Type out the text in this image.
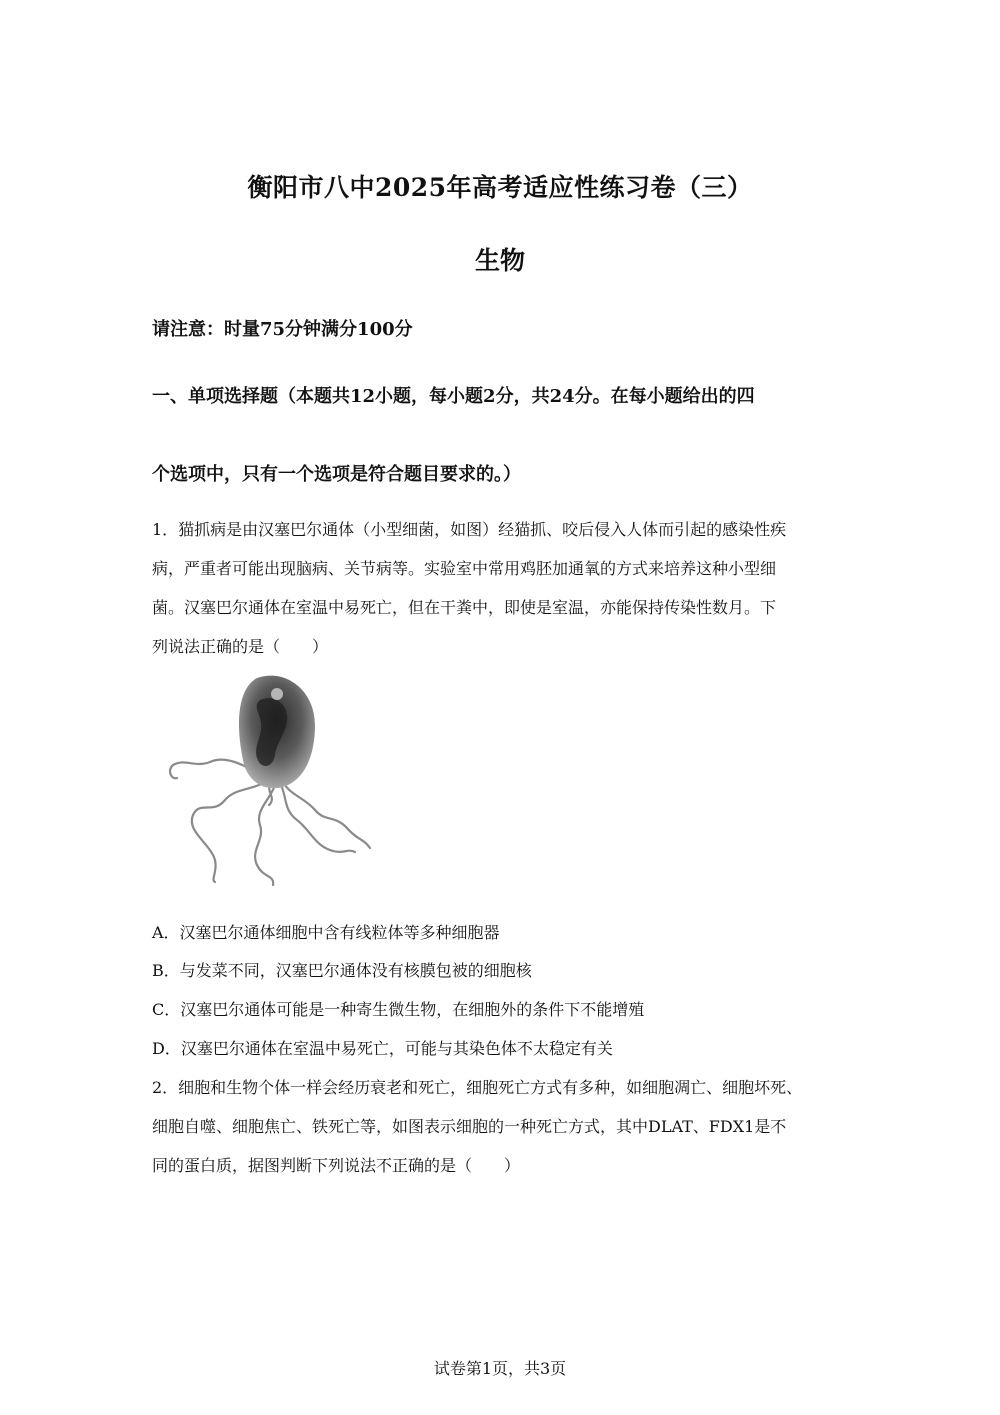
衡阳市八中2025年高考适应性练习卷（三）
生物
请注意：时量75分钟满分100分
一、单项选择题（本题共12小题，每小题2分，共24分。在每小题给出的四
个选项中，只有一个选项是符合题目要求的。）
1．猫抓病是由汉塞巴尔通体（小型细菌，如图）经猫抓、咬后侵入人体而引起的感染性疾
病，严重者可能出现脑病、关节病等。实验室中常用鸡胚加通氧的方式来培养这种小型细
菌。汉塞巴尔通体在室温中易死亡，但在干粪中，即使是室温，亦能保持传染性数月。下
列说法正确的是（　　）
A．汉塞巴尔通体细胞中含有线粒体等多种细胞器
B．与发菜不同，汉塞巴尔通体没有核膜包被的细胞核
C．汉塞巴尔通体可能是一种寄生微生物，在细胞外的条件下不能增殖
D．汉塞巴尔通体在室温中易死亡，可能与其染色体不太稳定有关
2．细胞和生物个体一样会经历衰老和死亡，细胞死亡方式有多种，如细胞凋亡、细胞坏死、
细胞自噬、细胞焦亡、铁死亡等，如图表示细胞的一种死亡方式，其中DLAT、FDX1是不
同的蛋白质，据图判断下列说法不正确的是（　　）
试卷第1页，共3页
